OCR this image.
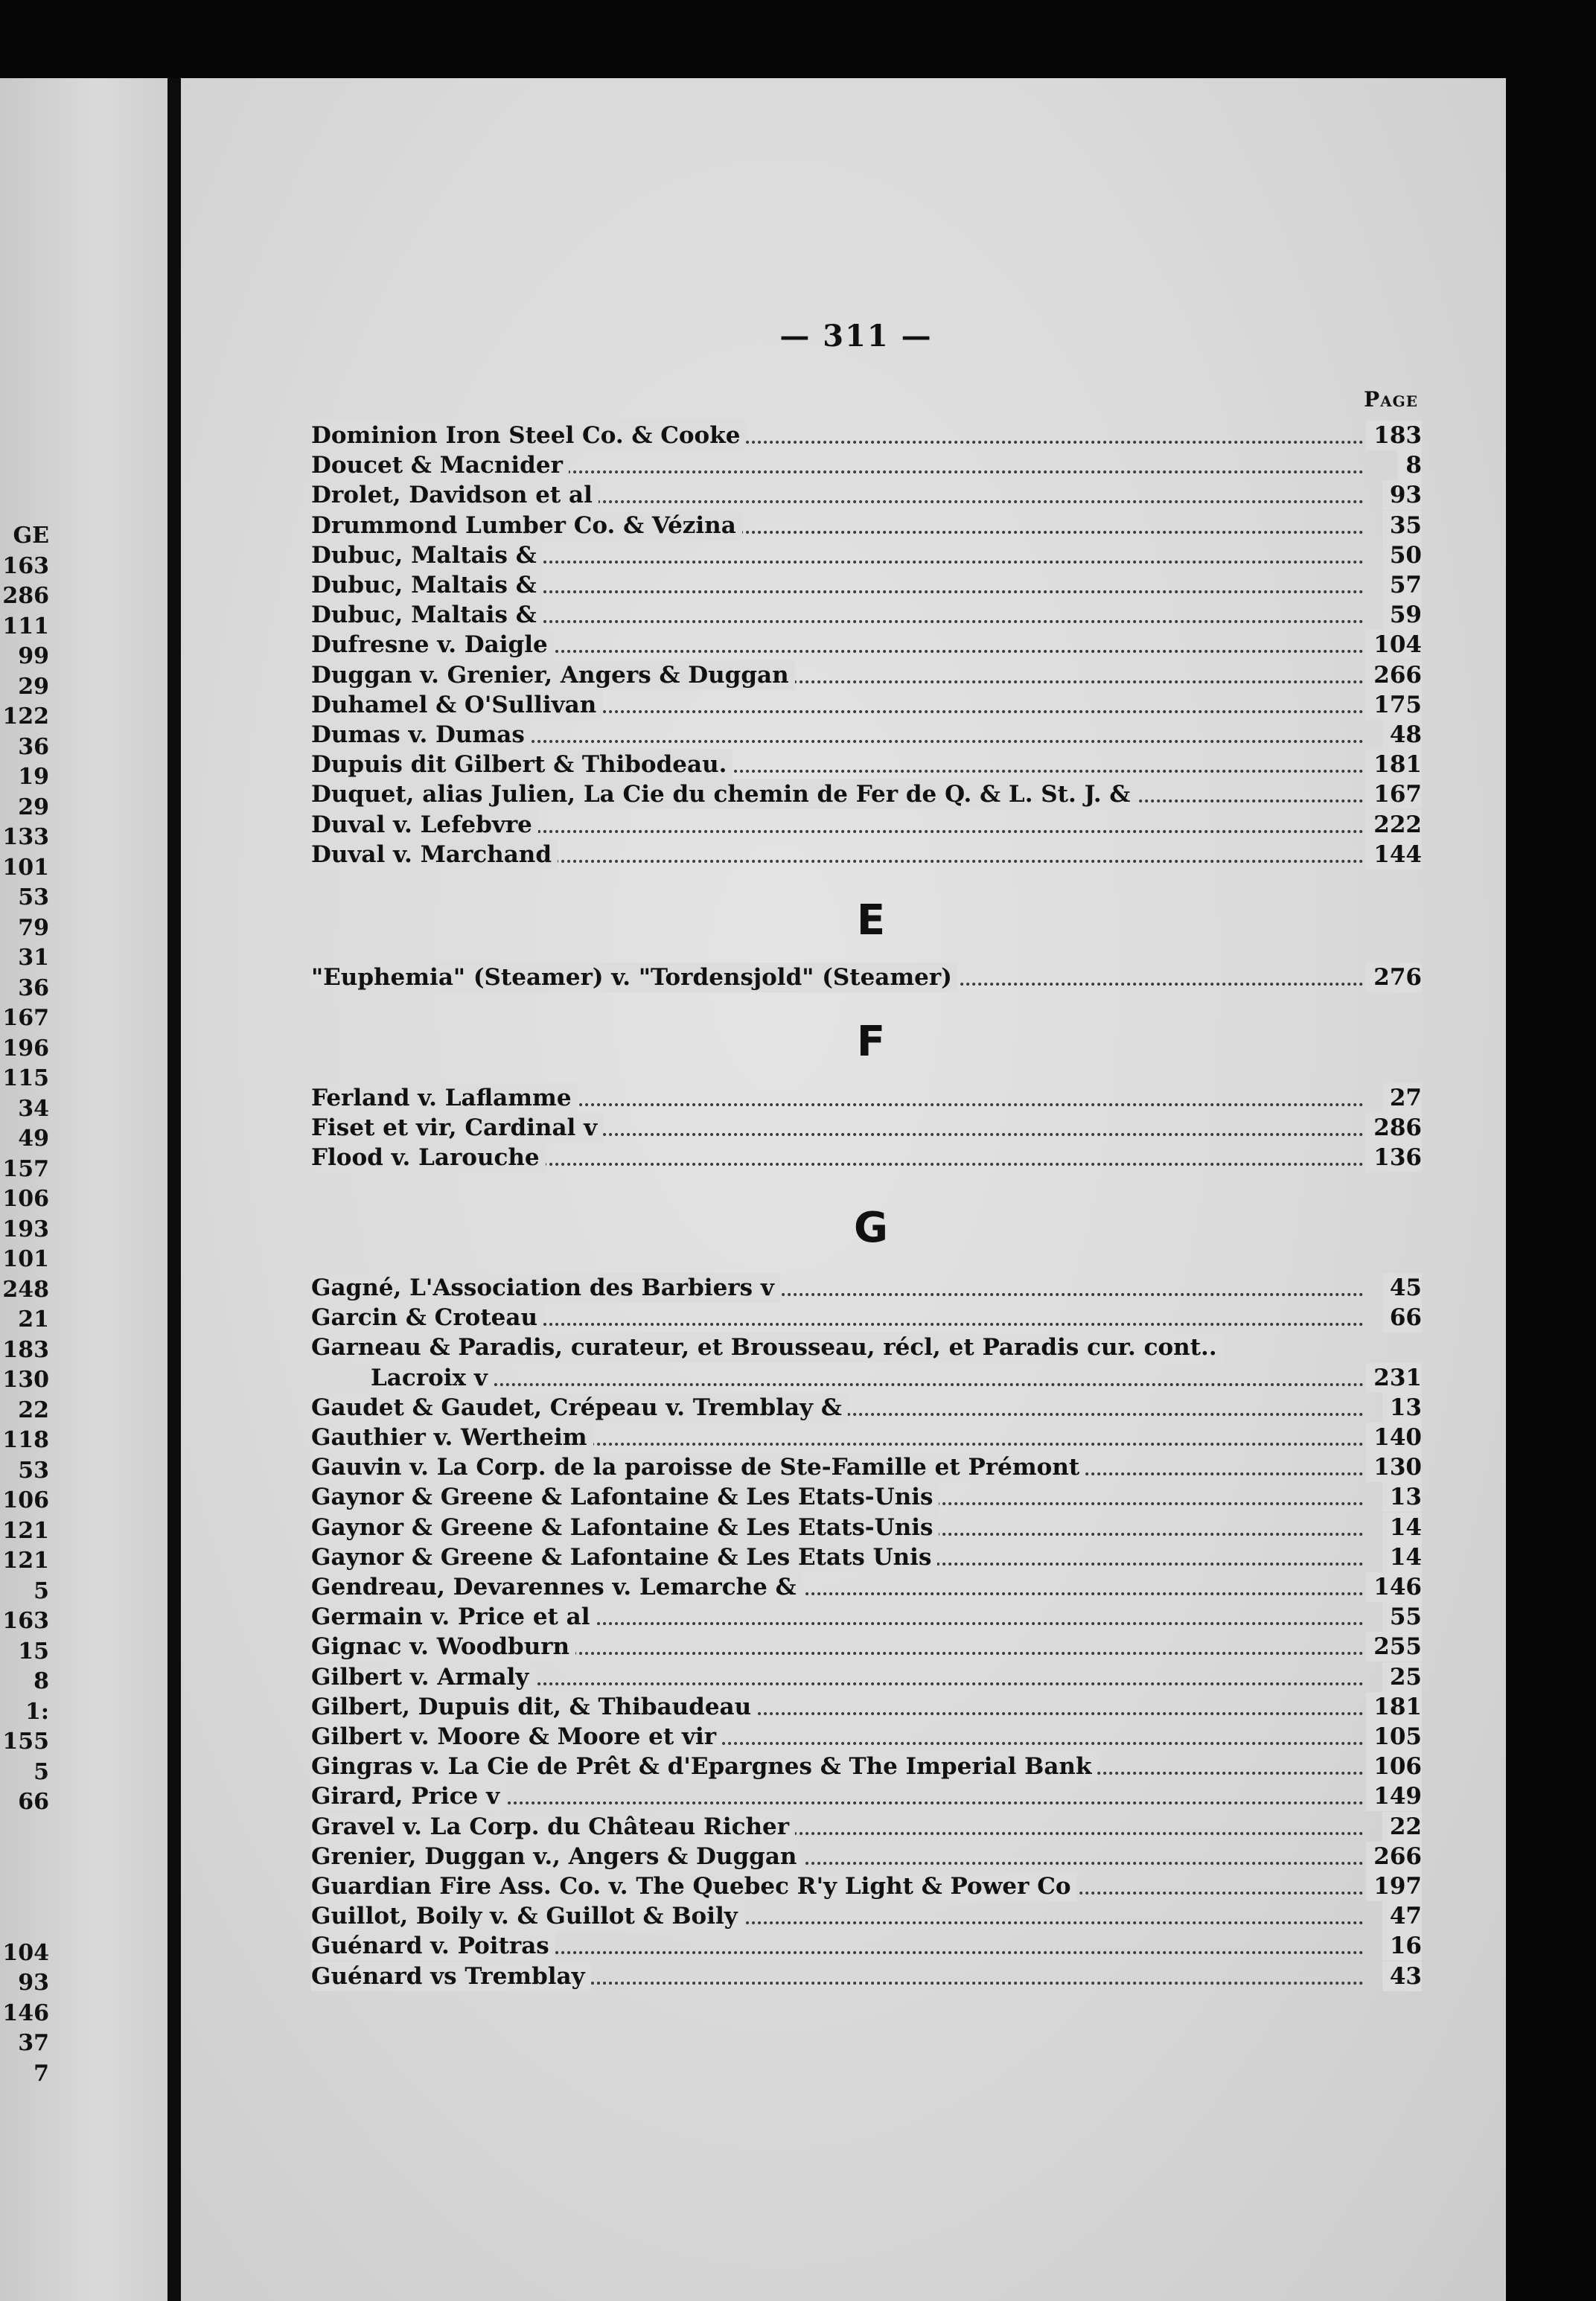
GE
163
286
111
99
29
122
36
19
29
133
101
53
79
31
36
167
196
115
34
49
157
106
193
101
248
21
183
130
22
118
53
106
121
121
5
163
15
8
1:
155
5
66
104
93
146
37
7
— 311 —
Page
Dominion Iron Steel Co. & Cooke	183
Doucet & Macnider	8
Drolet, Davidson et al	93
Drummond Lumber Co. & Vézina	35
Dubuc, Maltais &	50
Dubuc, Maltais &	57
Dubuc, Maltais &	59
Dufresne v. Daigle	104
Duggan v. Grenier, Angers & Duggan	266
Duhamel & O'Sullivan	175
Dumas v. Dumas	48
Dupuis dit Gilbert & Thibodeau.	181
Duquet, alias Julien, La Cie du chemin de Fer de Q. & L. St. J. &	167
Duval v. Lefebvre	222
Duval v. Marchand	144
E
"Euphemia" (Steamer) v. "Tordensjold" (Steamer)	276
F
Ferland v. Laflamme	27
Fiset et vir, Cardinal v	286
Flood v. Larouche	136
G
Gagné, L'Association des Barbiers v	45
Garcin & Croteau	66
Garneau & Paradis, curateur, et Brousseau, récl, et Paradis cur. cont..
Lacroix v	231
Gaudet & Gaudet, Crépeau v. Tremblay &	13
Gauthier v. Wertheim	140
Gauvin v. La Corp. de la paroisse de Ste-Famille et Prémont	130
Gaynor & Greene & Lafontaine & Les Etats-Unis	13
Gaynor & Greene & Lafontaine & Les Etats-Unis	14
Gaynor & Greene & Lafontaine & Les Etats Unis	14
Gendreau, Devarennes v. Lemarche &	146
Germain v. Price et al	55
Gignac v. Woodburn	255
Gilbert v. Armaly	25
Gilbert, Dupuis dit, & Thibaudeau	181
Gilbert v. Moore & Moore et vir	105
Gingras v. La Cie de Prêt & d'Epargnes & The Imperial Bank	106
Girard, Price v	149
Gravel v. La Corp. du Château Richer	22
Grenier, Duggan v., Angers & Duggan	266
Guardian Fire Ass. Co. v. The Quebec R'y Light & Power Co	197
Guillot, Boily v. & Guillot & Boily	47
Guénard v. Poitras	16
Guénard vs Tremblay	43
